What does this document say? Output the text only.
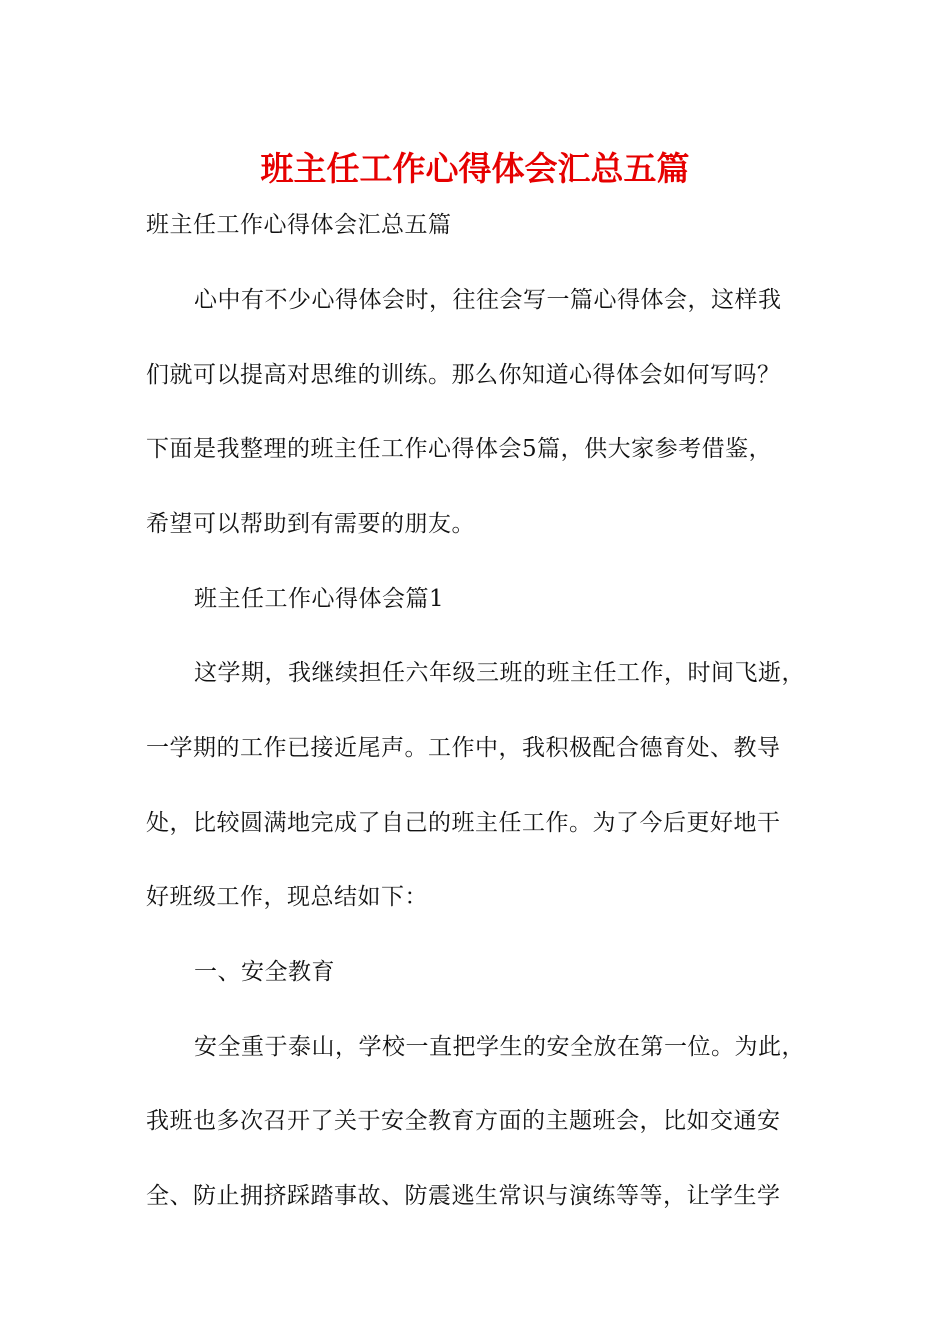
班主任工作心得体会汇总五篇

班主任工作心得体会汇总五篇

心中有不少心得体会时，往往会写一篇心得体会，这样我

们就可以提高对思维的训练。那么你知道心得体会如何写吗？

下面是我整理的班主任工作心得体会5篇，供大家参考借鉴，

希望可以帮助到有需要的朋友。

班主任工作心得体会篇1

这学期，我继续担任六年级三班的班主任工作，时间飞逝，

一学期的工作已接近尾声。工作中，我积极配合德育处、教导

处，比较圆满地完成了自己的班主任工作。为了今后更好地干

好班级工作，现总结如下：

一、安全教育

安全重于泰山，学校一直把学生的安全放在第一位。为此，

我班也多次召开了关于安全教育方面的主题班会，比如交通安

全、防止拥挤踩踏事故、防震逃生常识与演练等等，让学生学
